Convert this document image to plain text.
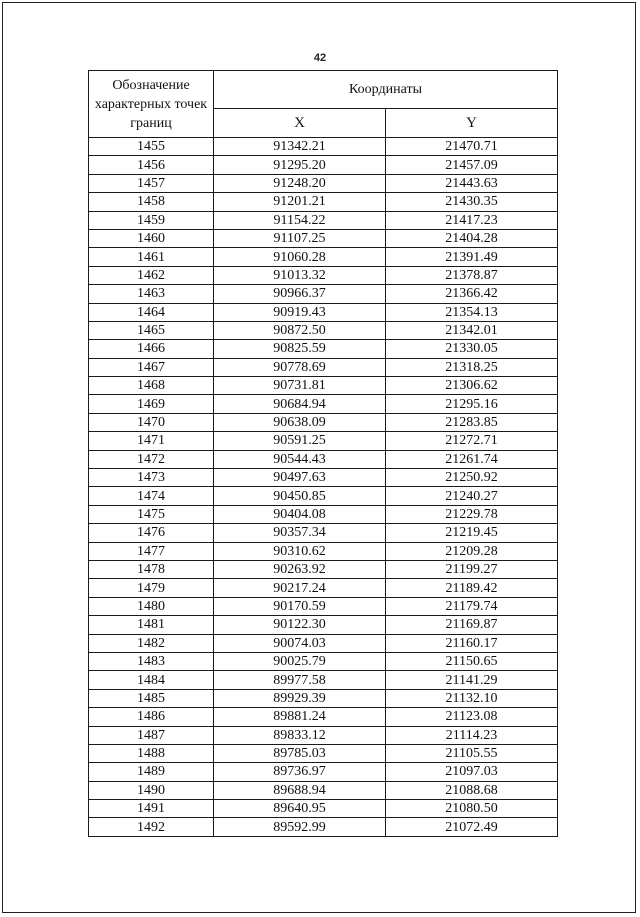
42
Обозначение характерных точек границ	Координаты	
	X	Y
1455	91342.21	21470.71
1456	91295.20	21457.09
1457	91248.20	21443.63
1458	91201.21	21430.35
1459	91154.22	21417.23
1460	91107.25	21404.28
1461	91060.28	21391.49
1462	91013.32	21378.87
1463	90966.37	21366.42
1464	90919.43	21354.13
1465	90872.50	21342.01
1466	90825.59	21330.05
1467	90778.69	21318.25
1468	90731.81	21306.62
1469	90684.94	21295.16
1470	90638.09	21283.85
1471	90591.25	21272.71
1472	90544.43	21261.74
1473	90497.63	21250.92
1474	90450.85	21240.27
1475	90404.08	21229.78
1476	90357.34	21219.45
1477	90310.62	21209.28
1478	90263.92	21199.27
1479	90217.24	21189.42
1480	90170.59	21179.74
1481	90122.30	21169.87
1482	90074.03	21160.17
1483	90025.79	21150.65
1484	89977.58	21141.29
1485	89929.39	21132.10
1486	89881.24	21123.08
1487	89833.12	21114.23
1488	89785.03	21105.55
1489	89736.97	21097.03
1490	89688.94	21088.68
1491	89640.95	21080.50
1492	89592.99	21072.49
